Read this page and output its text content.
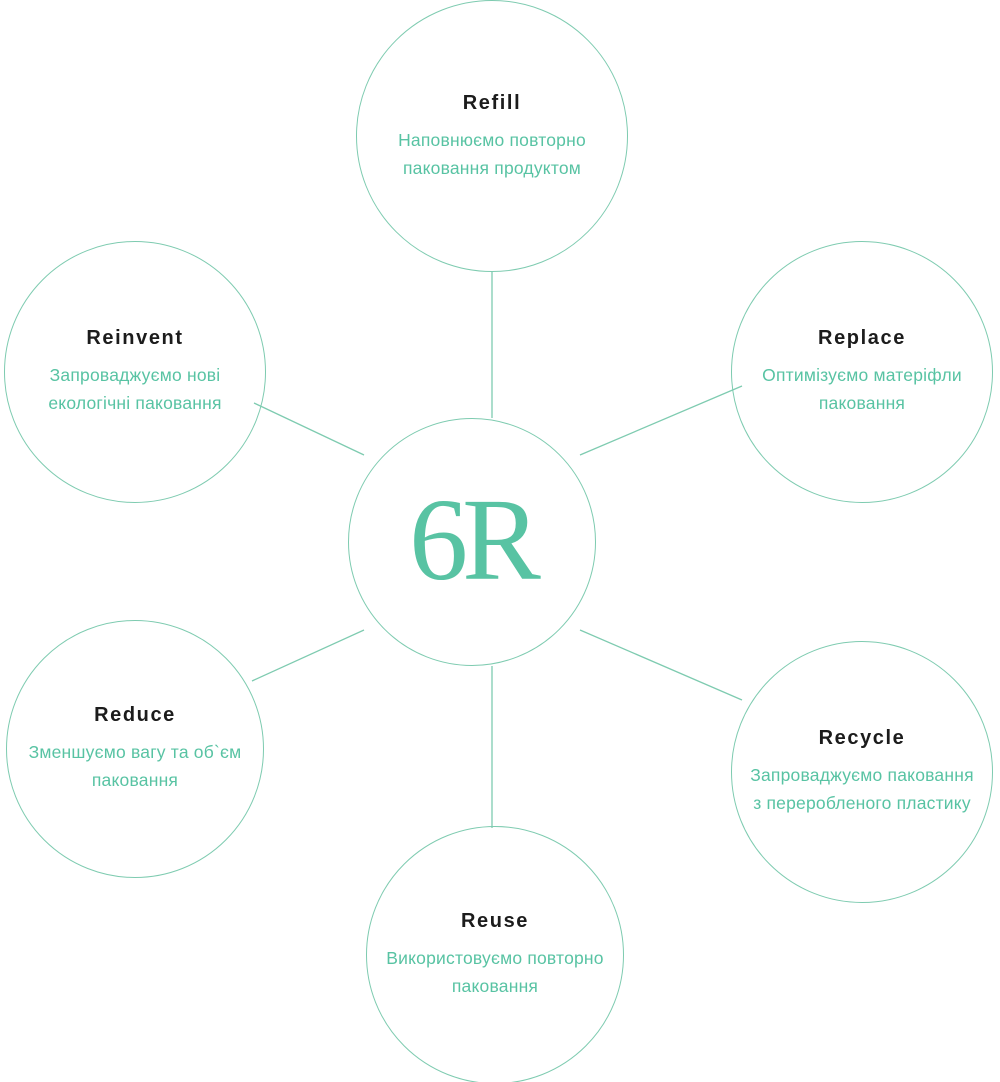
6R
Refill
Наповнюємо повторно паковання продуктом
Replace
Оптимізуємо матеріфли паковання
Recycle
Запроваджуємо паковання з переробленого пластику
Reuse
Використовуємо повторно паковання
Reduce
Зменшуємо вагу та об`єм паковання
Reinvent
Запроваджуємо нові екологічні паковання
